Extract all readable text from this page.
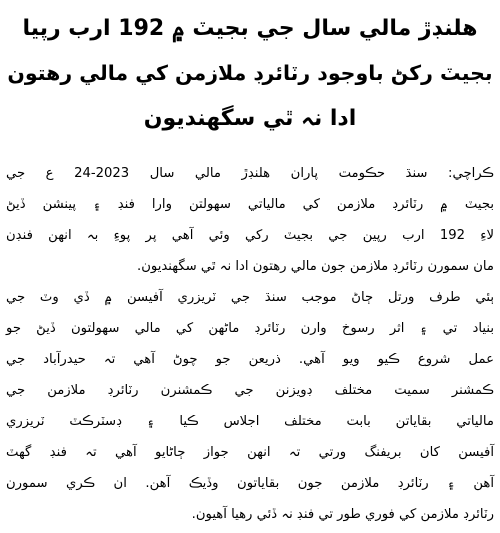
هلنڊڙ مالي سال جي بجيٽ ۾ 192 ارب رپيا
بجيٽ رکڻ باوجود رٽائرڊ ملازمن کي مالي رهتون
ادا نہ ٿي سگهنديون
ڪراچي: سنڌ حڪومت پاران هلنڊڙ مالي سال 2023-24 ع جي
بجيٽ ۾ رٽائرڊ ملازمن کي مالياتي سهولتن وارا فنڊ ۽ پينشن ڏيڻ
لاءِ 192 ارب رپين جي بجيٽ رکي وئي آهي پر پوءِ بہ انهن فنڊن
مان سمورن رٽائرڊ ملازمن جون مالي رهتون ادا نہ ٿي سگهنديون.
ٻئي طرف ورتل ڄاڻ موجب سنڌ جي ٽريزري آفيسن ۾ ڏي وٽ جي
بنياد تي ۽ اثر رسوخ وارن رٽائرڊ ماڻهن کي مالي سهولتون ڏيڻ جو
عمل شروع ڪيو ويو آهي. ذريعن جو چوڻ آهي تہ حيدرآباد جي
ڪمشنر سميت مختلف ڊويزنن جي ڪمشنرن رٽائرڊ ملازمن جي
مالياتي بقاياتن بابت مختلف اجلاس ڪيا ۽ ڊسٽرڪٽ ٽريزري
آفيسن کان بريفنگ ورتي تہ انهن جواز ڄاڻايو آهي تہ فنڊ گهٽ
آهن ۽ رٽائرڊ ملازمن جون بقاياتون وڏيڪ آهن. ان ڪري سمورن
رٽائرڊ ملازمن کي فوري طور تي فنڊ نہ ڏئي رهيا آهيون.
